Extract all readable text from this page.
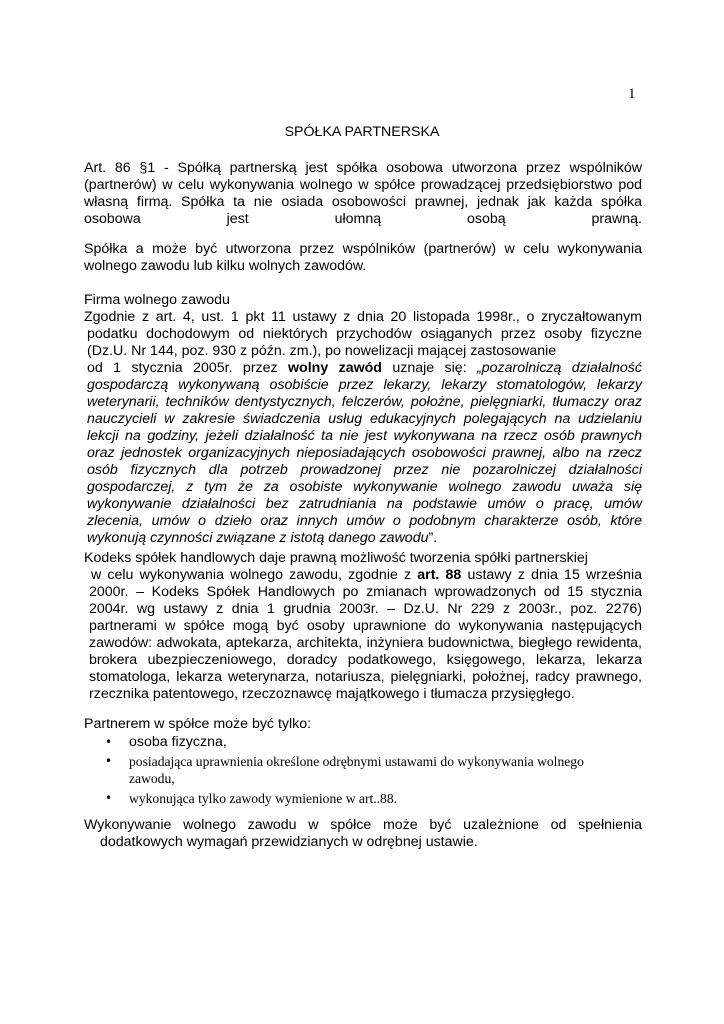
1
SPÓŁKA PARTNERSKA
Art. 86 §1 - Spółką partnerską jest spółka osobowa utworzona przez wspólników
(partnerów) w celu wykonywania wolnego w spółce prowadzącej przedsiębiorstwo pod
własną firmą. Spółka ta nie osiada osobowości prawnej, jednak jak każda spółka
osobowa	jest	ułomną	osobą	prawną.
Spółka a może być utworzona przez wspólników (partnerów) w celu wykonywania
wolnego zawodu lub kilku wolnych zawodów.
Firma wolnego zawodu
Zgodnie z art. 4, ust. 1 pkt 11 ustawy z dnia 20 listopada 1998r., o zryczałtowanym
podatku dochodowym od niektórych przychodów osiąganych przez osoby fizyczne
(Dz.U. Nr 144, poz. 930 z późn. zm.), po nowelizacji mającej zastosowanie
od 1 stycznia 2005r. przez wolny zawód uznaje się: „pozarolniczą działalność
gospodarczą wykonywaną osobiście przez lekarzy, lekarzy stomatologów, lekarzy
weterynarii, techników dentystycznych, felczerów, położne, pielęgniarki, tłumaczy oraz
nauczycieli w zakresie świadczenia usług edukacyjnych polegających na udzielaniu
lekcji na godziny, jeżeli działalność ta nie jest wykonywana na rzecz osób prawnych
oraz jednostek organizacyjnych nieposiadających osobowości prawnej, albo na rzecz
osób fizycznych dla potrzeb prowadzonej przez nie pozarolniczej działalności
gospodarczej, z tym że za osobiste wykonywanie wolnego zawodu uważa się
wykonywanie działalności bez zatrudniania na podstawie umów o pracę, umów
zlecenia, umów o dzieło oraz innych umów o podobnym charakterze osób, które
wykonują czynności związane z istotą danego zawodu”.
Kodeks spółek handlowych daje prawną możliwość tworzenia spółki partnerskiej
w celu wykonywania wolnego zawodu, zgodnie z art. 88 ustawy z dnia 15 września
2000r. – Kodeks Spółek Handlowych po zmianach wprowadzonych od 15 stycznia
2004r. wg ustawy z dnia 1 grudnia 2003r. – Dz.U. Nr 229 z 2003r., poz. 2276)
partnerami w spółce mogą być osoby uprawnione do wykonywania następujących
zawodów: adwokata, aptekarza, architekta, inżyniera budownictwa, biegłego rewidenta,
brokera ubezpieczeniowego, doradcy podatkowego, księgowego, lekarza, lekarza
stomatologa, lekarza weterynarza, notariusza, pielęgniarki, położnej, radcy prawnego,
rzecznika patentowego, rzeczoznawcę majątkowego i tłumacza przysięgłego.
Partnerem w spółce może być tylko:
• osoba fizyczna,
• posiadająca uprawnienia określone odrębnymi ustawami do wykonywania wolnego
zawodu,
• wykonująca tylko zawody wymienione w art..88.
Wykonywanie wolnego zawodu w spółce może być uzależnione od spełnienia
dodatkowych wymagań przewidzianych w odrębnej ustawie.
